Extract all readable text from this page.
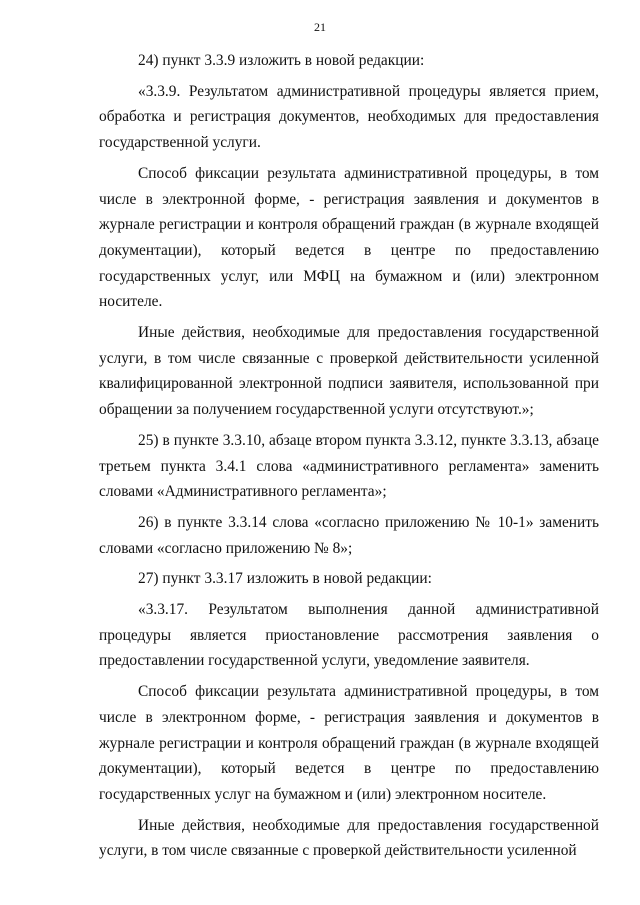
21

24) пункт 3.3.9 изложить в новой редакции:

«3.3.9. Результатом административной процедуры является прием, обработка и регистрация документов, необходимых для предоставления государственной услуги.

Способ фиксации результата административной процедуры, в том числе в электронной форме, - регистрация заявления и документов в журнале регистрации и контроля обращений граждан (в журнале входящей документации), который ведется в центре по предоставлению государственных услуг, или МФЦ на бумажном и (или) электронном носителе.

Иные действия, необходимые для предоставления государственной услуги, в том числе связанные с проверкой действительности усиленной квалифицированной электронной подписи заявителя, использованной при обращении за получением государственной услуги отсутствуют.»;

25) в пункте 3.3.10, абзаце втором пункта 3.3.12, пункте 3.3.13, абзаце третьем пункта 3.4.1 слова «административного регламента» заменить словами «Административного регламента»;

26) в пункте 3.3.14 слова «согласно приложению № 10-1» заменить словами «согласно приложению № 8»;

27) пункт 3.3.17 изложить в новой редакции:

«3.3.17. Результатом выполнения данной административной процедуры является приостановление рассмотрения заявления о предоставлении государственной услуги, уведомление заявителя.

Способ фиксации результата административной процедуры, в том числе в электронном форме, - регистрация заявления и документов в журнале регистрации и контроля обращений граждан (в журнале входящей документации), который ведется в центре по предоставлению государственных услуг на бумажном и (или) электронном носителе.

Иные действия, необходимые для предоставления государственной услуги, в том числе связанные с проверкой действительности усиленной
